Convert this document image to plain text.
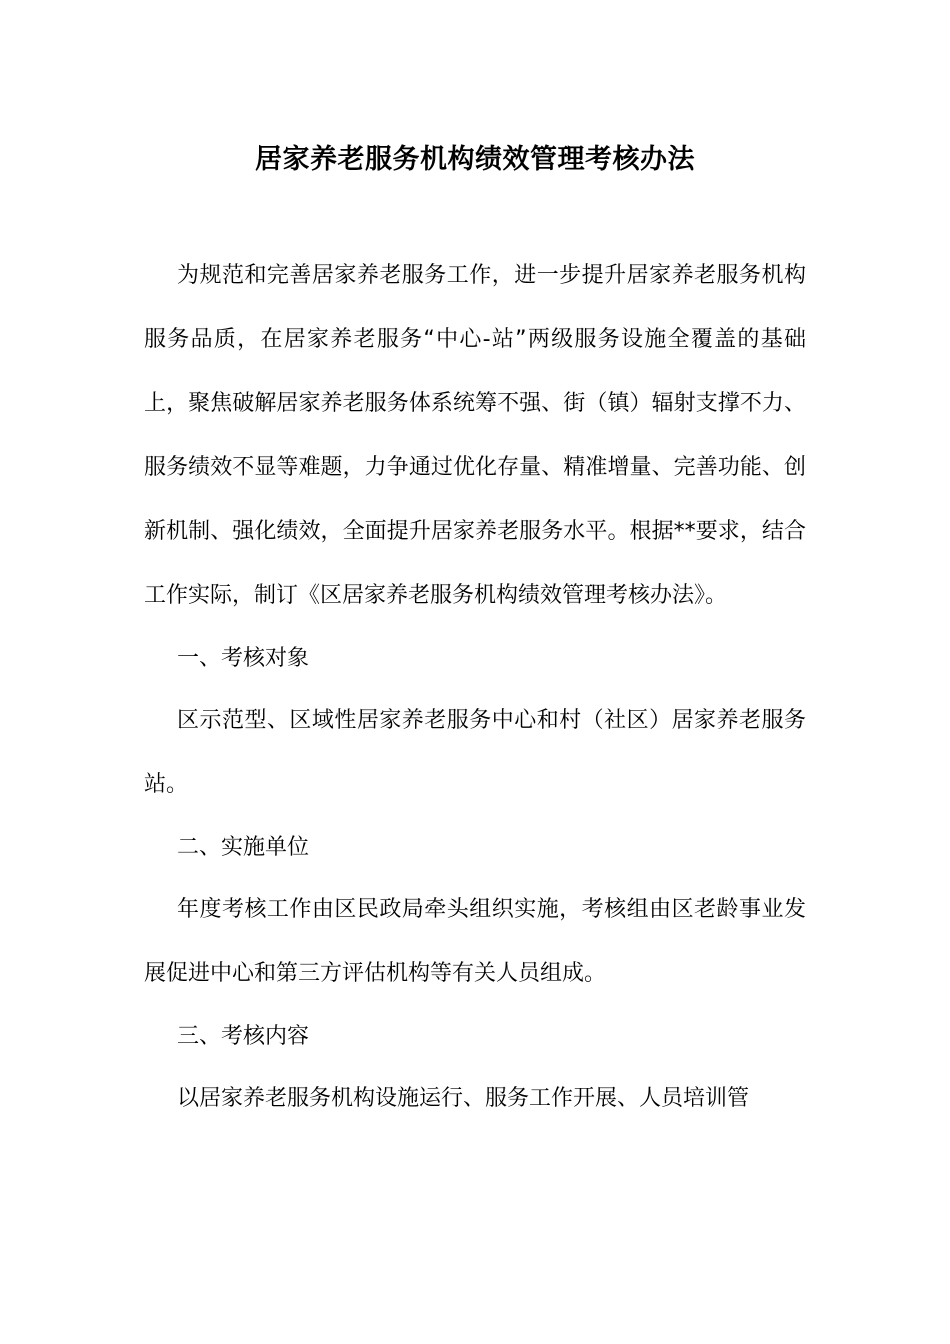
居家养老服务机构绩效管理考核办法

为规范和完善居家养老服务工作，进一步提升居家养老服务机构服务品质，在居家养老服务“中心-站”两级服务设施全覆盖的基础上，聚焦破解居家养老服务体系统筹不强、街（镇）辐射支撑不力、服务绩效不显等难题，力争通过优化存量、精准增量、完善功能、创新机制、强化绩效，全面提升居家养老服务水平。根据**要求，结合工作实际，制订《区居家养老服务机构绩效管理考核办法》。

一、考核对象

区示范型、区域性居家养老服务中心和村（社区）居家养老服务站。

二、实施单位

年度考核工作由区民政局牵头组织实施，考核组由区老龄事业发展促进中心和第三方评估机构等有关人员组成。

三、考核内容

以居家养老服务机构设施运行、服务工作开展、人员培训管
